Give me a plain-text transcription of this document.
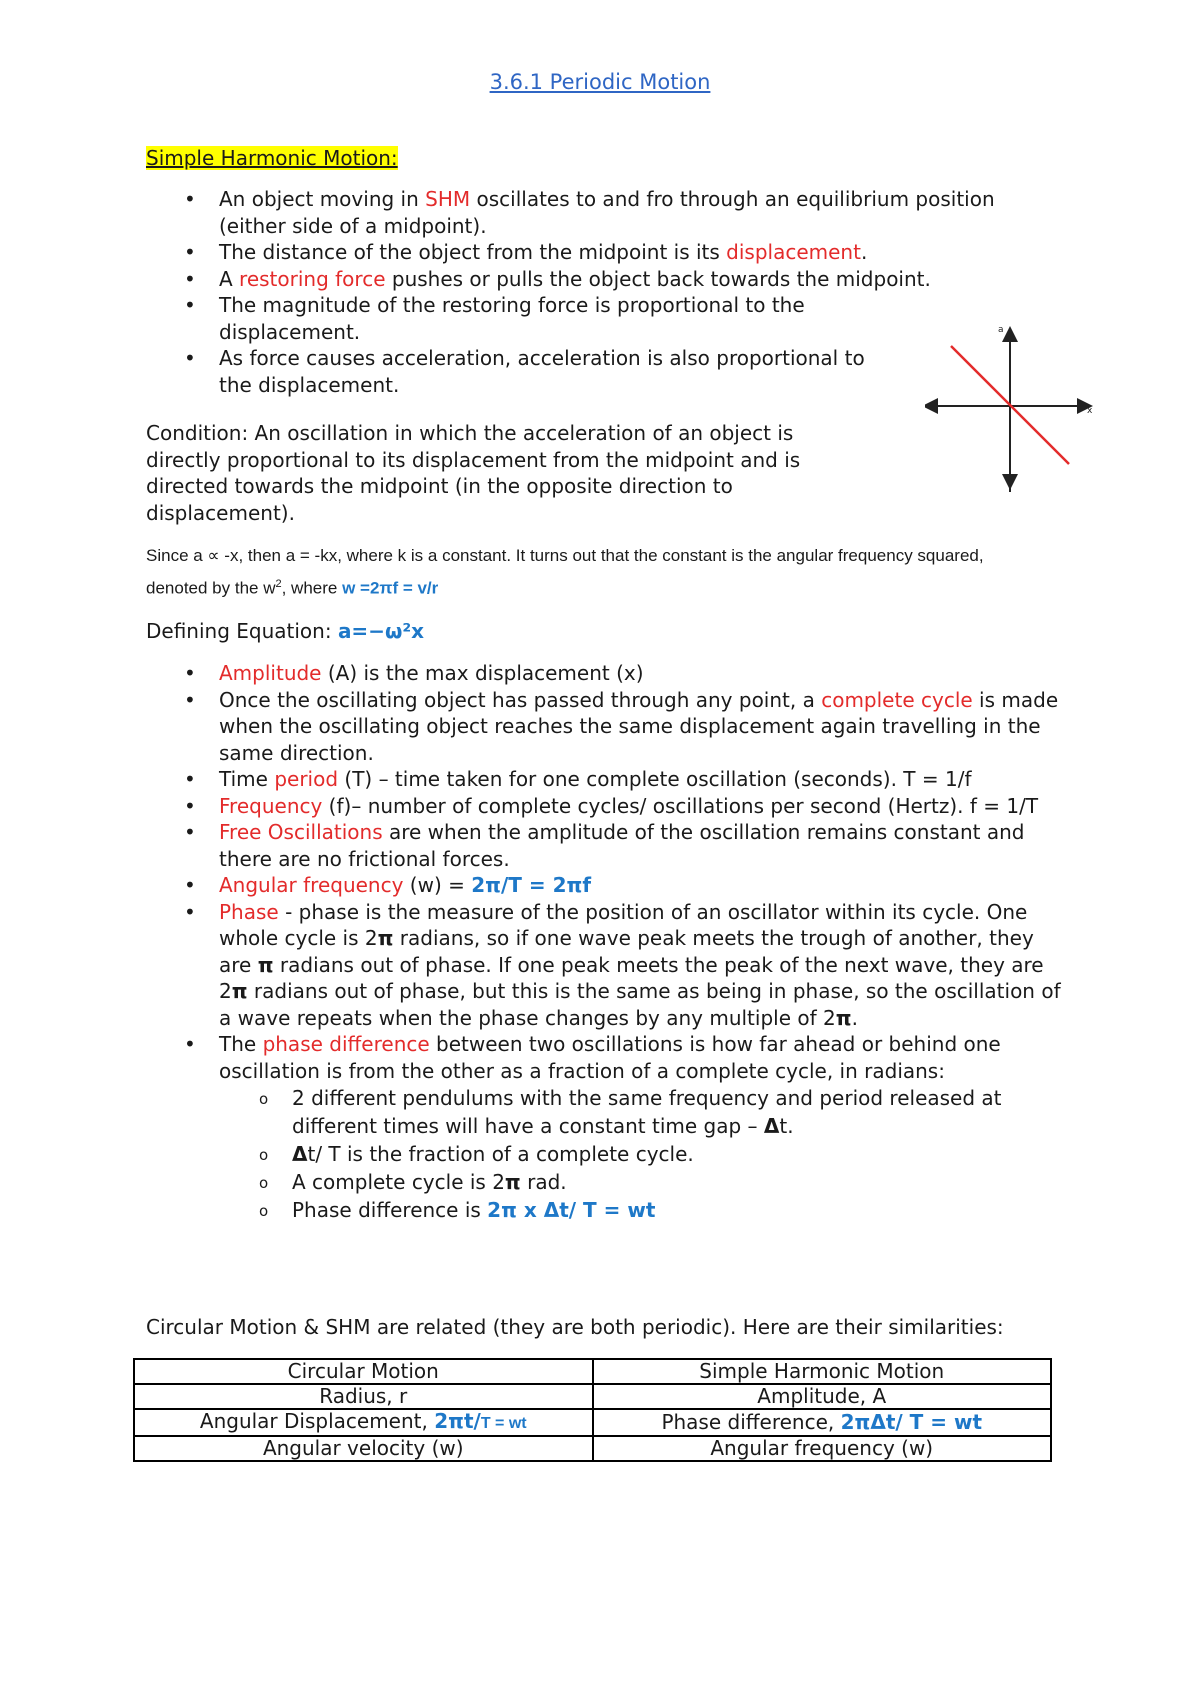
3.6.1 Periodic Motion
Simple Harmonic Motion:
• An object moving in SHM oscillates to and fro through an equilibrium position (either side of a midpoint).
• The distance of the object from the midpoint is its displacement.
• A restoring force pushes or pulls the object back towards the midpoint.
• The magnitude of the restoring force is proportional to the displacement.
• As force causes acceleration, acceleration is also proportional to the displacement.
a
x
Condition: An oscillation in which the acceleration of an object is directly proportional to its displacement from the midpoint and is directed towards the midpoint (in the opposite direction to displacement).
Since a ∝ -x, then a = -kx, where k is a constant. It turns out that the constant is the angular frequency squared, denoted by the $w^2$, where w =2πf = v/r
Defining Equation: a=−ω²x
• Amplitude (A) is the max displacement (x)
• Once the oscillating object has passed through any point, a complete cycle is made when the oscillating object reaches the same displacement again travelling in the same direction.
• Time period (T) – time taken for one complete oscillation (seconds). T = 1/f
• Frequency (f)– number of complete cycles/ oscillations per second (Hertz). f = 1/T
• Free Oscillations are when the amplitude of the oscillation remains constant and there are no frictional forces.
• Angular frequency (w) = 2π/T = 2πf
• Phase - phase is the measure of the position of an oscillator within its cycle. One whole cycle is 2π radians, so if one wave peak meets the trough of another, they are π radians out of phase. If one peak meets the peak of the next wave, they are 2π radians out of phase, but this is the same as being in phase, so the oscillation of a wave repeats when the phase changes by any multiple of 2π.
• The phase difference between two oscillations is how far ahead or behind one oscillation is from the other as a fraction of a complete cycle, in radians:
o 2 different pendulums with the same frequency and period released at different times will have a constant time gap – Δt.
o Δt/ T is the fraction of a complete cycle.
o A complete cycle is 2π rad.
o Phase difference is 2π x Δt/ T = wt
Circular Motion & SHM are related (they are both periodic). Here are their similarities:
Circular Motion	Simple Harmonic Motion
Radius, r	Amplitude, A
Angular Displacement, 2πt/T = wt	Phase difference, 2πΔt/ T = wt
Angular velocity (w)	Angular frequency (w)
